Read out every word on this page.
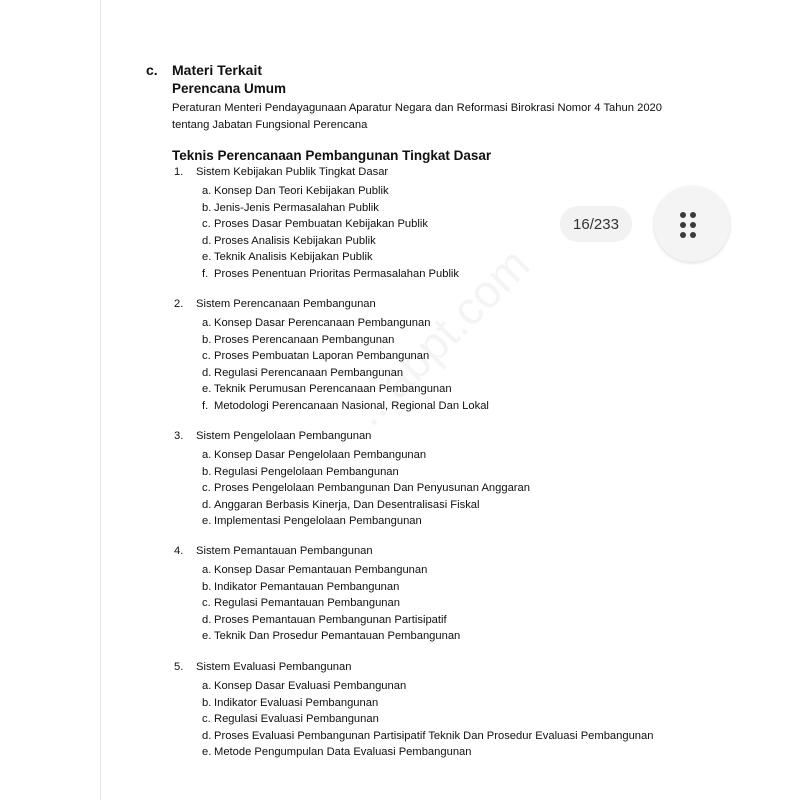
c. Materi Terkait
Perencana Umum
Peraturan Menteri Pendayagunaan Aparatur Negara dan Reformasi Birokrasi Nomor 4 Tahun 2020 tentang Jabatan Fungsional Perencana
Teknis Perencanaan Pembangunan Tingkat Dasar
1. Sistem Kebijakan Publik Tingkat Dasar
a. Konsep Dan Teori Kebijakan Publik
b. Jenis-Jenis Permasalahan Publik
c. Proses Dasar Pembuatan Kebijakan Publik
d. Proses Analisis Kebijakan Publik
e. Teknik Analisis Kebijakan Publik
f. Proses Penentuan Prioritas Permasalahan Publik
2. Sistem Perencanaan Pembangunan
a. Konsep Dasar Perencanaan Pembangunan
b. Proses Perencanaan Pembangunan
c. Proses Pembuatan Laporan Pembangunan
d. Regulasi Perencanaan Pembangunan
e. Teknik Perumusan Perencanaan Pembangunan
f. Metodologi Perencanaan Nasional, Regional Dan Lokal
3. Sistem Pengelolaan Pembangunan
a. Konsep Dasar Pengelolaan Pembangunan
b. Regulasi Pengelolaan Pembangunan
c. Proses Pengelolaan Pembangunan Dan Penyusunan Anggaran
d. Anggaran Berbasis Kinerja, Dan Desentralisasi Fiskal
e. Implementasi Pengelolaan Pembangunan
4. Sistem Pemantauan Pembangunan
a. Konsep Dasar Pemantauan Pembangunan
b. Indikator Pemantauan Pembangunan
c. Regulasi Pemantauan Pembangunan
d. Proses Pemantauan Pembangunan Partisipatif
e. Teknik Dan Prosedur Pemantauan Pembangunan
5. Sistem Evaluasi Pembangunan
a. Konsep Dasar Evaluasi Pembangunan
b. Indikator Evaluasi Pembangunan
c. Regulasi Evaluasi Pembangunan
d. Proses Evaluasi Pembangunan Partisipatif Teknik Dan Prosedur Evaluasi Pembangunan
e. Metode Pengumpulan Data Evaluasi Pembangunan
16/233
